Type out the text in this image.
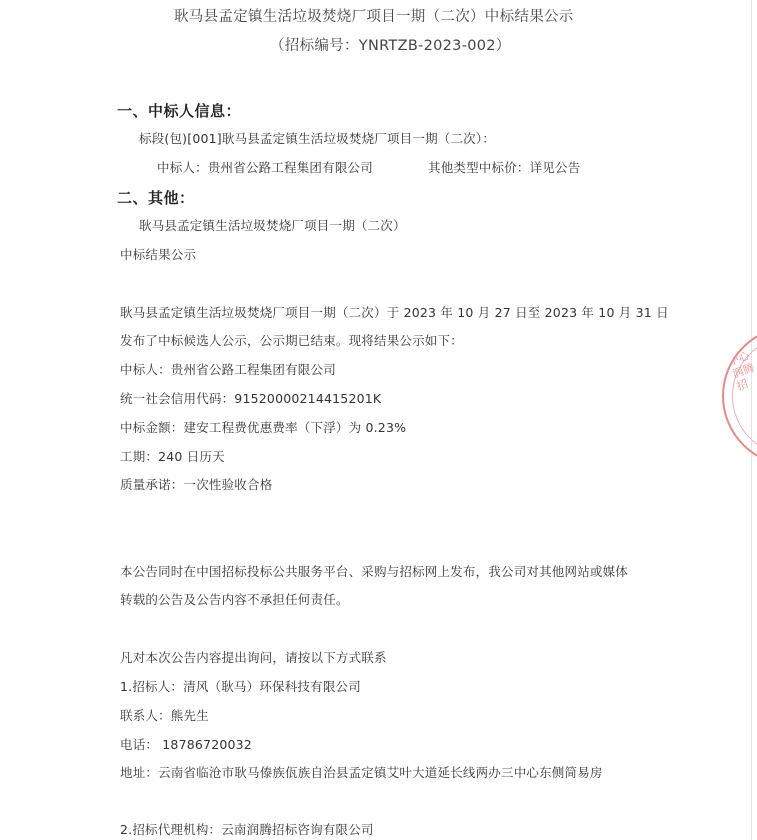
耿马县孟定镇生活垃圾焚烧厂项目一期（二次）中标结果公示
（招标编号：YNRTZB-2023-002）
一、中标人信息：
标段(包)[001]耿马县孟定镇生活垃圾焚烧厂项目一期（二次）：
中标人：贵州省公路工程集团有限公司	其他类型中标价：详见公告
二、其他：
耿马县孟定镇生活垃圾焚烧厂项目一期（二次）
中标结果公示
耿马县孟定镇生活垃圾焚烧厂项目一期（二次）于 2023 年 10 月 27 日至 2023 年 10 月 31 日
发布了中标候选人公示，公示期已结束。现将结果公示如下：
中标人：贵州省公路工程集团有限公司
统一社会信用代码：91520000214415201K
中标金额：建安工程费优惠费率（下浮）为 0.23%
工期：240 日历天
质量承诺：一次性验收合格
本公告同时在中国招标投标公共服务平台、采购与招标网上发布，我公司对其他网站或媒体
转载的公告及公告内容不承担任何责任。
凡对本次公告内容提出询问，请按以下方式联系
1.招标人：清风（耿马）环保科技有限公司
联系人：熊先生
电话： 18786720032
地址：云南省临沧市耿马傣族佤族自治县孟定镇艾叶大道延长线两办三中心东侧简易房
2.招标代理机构：云南润腾招标咨询有限公司
中心润腾招
